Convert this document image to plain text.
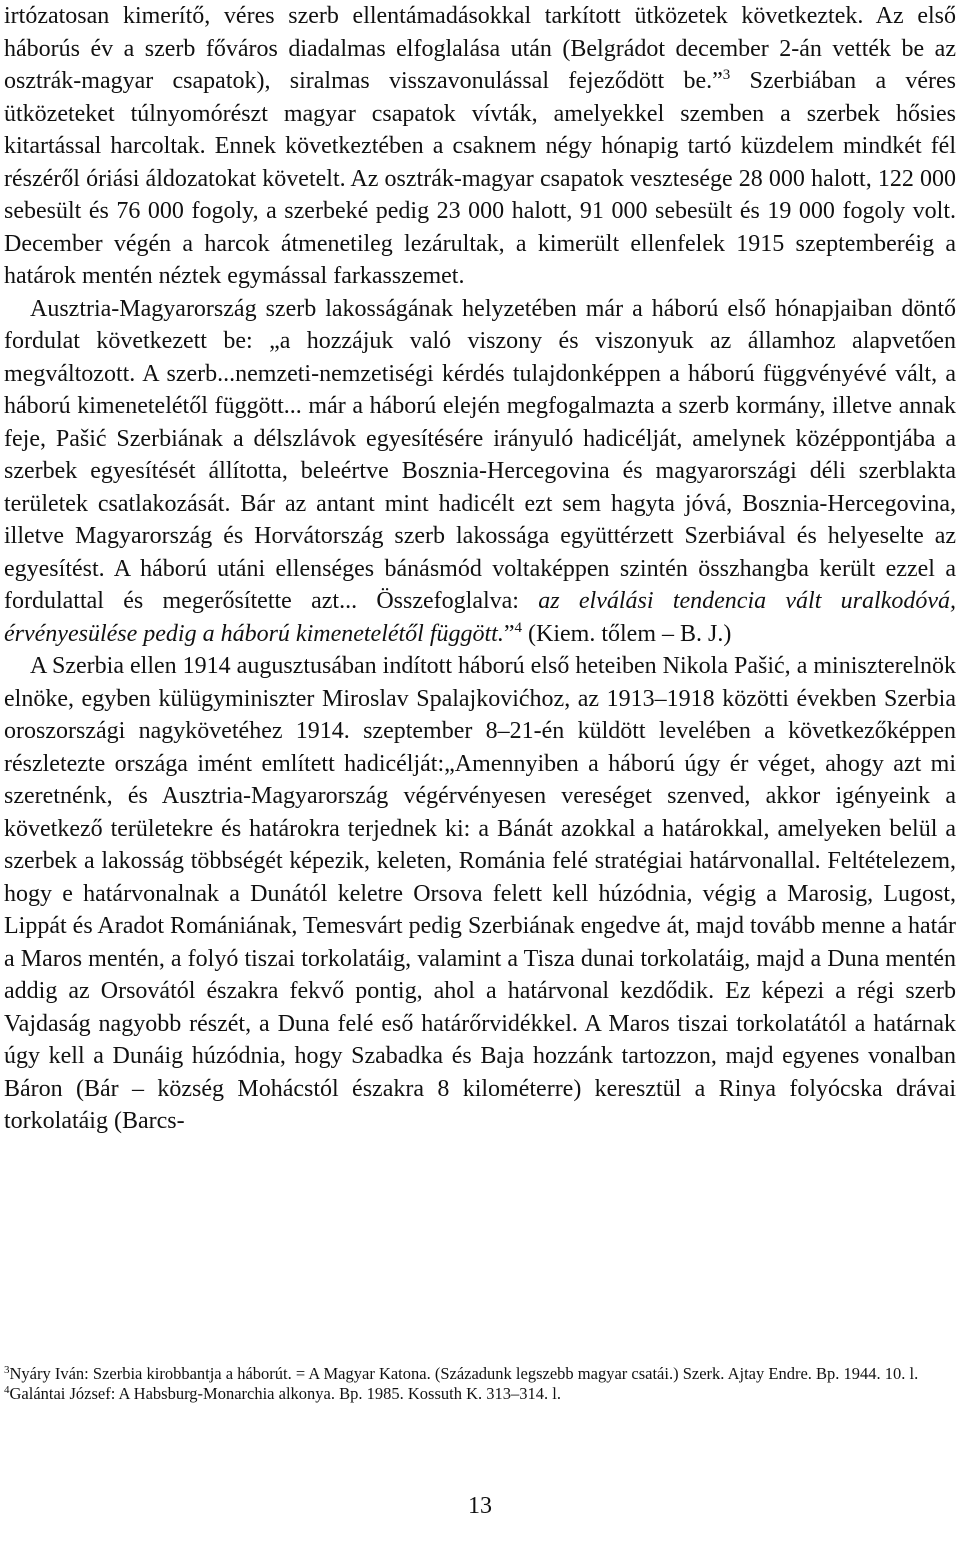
irtózatosan kimerítő, véres szerb ellentámadásokkal tarkított ütközetek következtek. Az első háborús év a szerb főváros diadalmas elfoglalása után (Belgrádot december 2-án vették be az osztrák-magyar csapatok), siralmas visszavonulással fejeződött be.”$^3$ Szerbiában a véres ütközeteket túlnyomórészt magyar csapatok vívták, amelyekkel szemben a szerbek hősies kitartással harcoltak. Ennek következtében a csaknem négy hónapig tartó küzdelem mindkét fél részéről óriási áldozatokat követelt. Az osztrák-magyar csapatok vesztesége 28 000 halott, 122 000 sebesült és 76 000 fogoly, a szerbeké pedig 23 000 halott, 91 000 sebesült és 19 000 fogoly volt. December végén a harcok átmenetileg lezárultak, a kimerült ellenfelek 1915 szeptemberéig a határok mentén néztek egymással farkasszemet.

Ausztria-Magyarország szerb lakosságának helyzetében már a háború első hónapjaiban döntő fordulat következett be: „a hozzájuk való viszony és viszonyuk az államhoz alapvetően megváltozott. A szerb...nemzeti-nemzetiségi kérdés tulajdonképpen a háború függvényévé vált, a háború kimenetelétől függött... már a háború elején megfogalmazta a szerb kormány, illetve annak feje, Pašić Szerbiának a délszlávok egyesítésére irányuló hadicélját, amelynek középpontjába a szerbek egyesítését állította, beleértve Bosznia-Hercegovina és magyarországi déli szerblakta területek csatlakozását. Bár az antant mint hadicélt ezt sem hagyta jóvá, Bosznia-Hercegovina, illetve Magyarország és Horvátország szerb lakossága együttérzett Szerbiával és helyeselte az egyesítést. A háború utáni ellenséges bánásmód voltaképpen szintén összhangba került ezzel a fordulattal és megerősítette azt... Összefoglalva: az elválási tendencia vált uralkodóvá, érvényesülése pedig a háború kimenetelétől függött.”$^4$ (Kiem. tőlem – B. J.)

A Szerbia ellen 1914 augusztusában indított háború első heteiben Nikola Pašić, a miniszterelnök elnöke, egyben külügyminiszter Miroslav Spalajkovićhoz, az 1913–1918 közötti években Szerbia oroszországi nagykövetéhez 1914. szeptember 8–21-én küldött levelében a következőképpen részletezte országa imént említett hadicélját:„Amennyiben a háború úgy ér véget, ahogy azt mi szeretnénk, és Ausztria-Magyarország végérvényesen vereséget szenved, akkor igényeink a következő területekre és határokra terjednek ki: a Bánát azokkal a határokkal, amelyeken belül a szerbek a lakosság többségét képezik, keleten, Románia felé stratégiai határvonallal. Feltételezem, hogy e határvonalnak a Dunától keletre Orsova felett kell húzódnia, végig a Marosig, Lugost, Lippát és Aradot Romániának, Temesvárt pedig Szerbiának engedve át, majd tovább menne a határ a Maros mentén, a folyó tiszai torkolatáig, valamint a Tisza dunai torkolatáig, majd a Duna mentén addig az Orsovától északra fekvő pontig, ahol a határvonal kezdődik. Ez képezi a régi szerb Vajdaság nagyobb részét, a Duna felé eső határőrvidékkel. A Maros tiszai torkolatától a határnak úgy kell a Dunáig húzódnia, hogy Szabadka és Baja hozzánk tartozzon, majd egyenes vonalban Báron (Bár – község Mohácstól északra 8 kilométerre) keresztül a Rinya folyócska drávai torkolatáig (Barcs-

$^3$Nyáry Iván: Szerbia kirobbantja a háborút. = A Magyar Katona. (Századunk legszebb magyar csatái.) Szerk. Ajtay Endre. Bp. 1944. 10. l.

$^4$Galántai József: A Habsburg-Monarchia alkonya. Bp. 1985. Kossuth K. 313–314. l.

13
